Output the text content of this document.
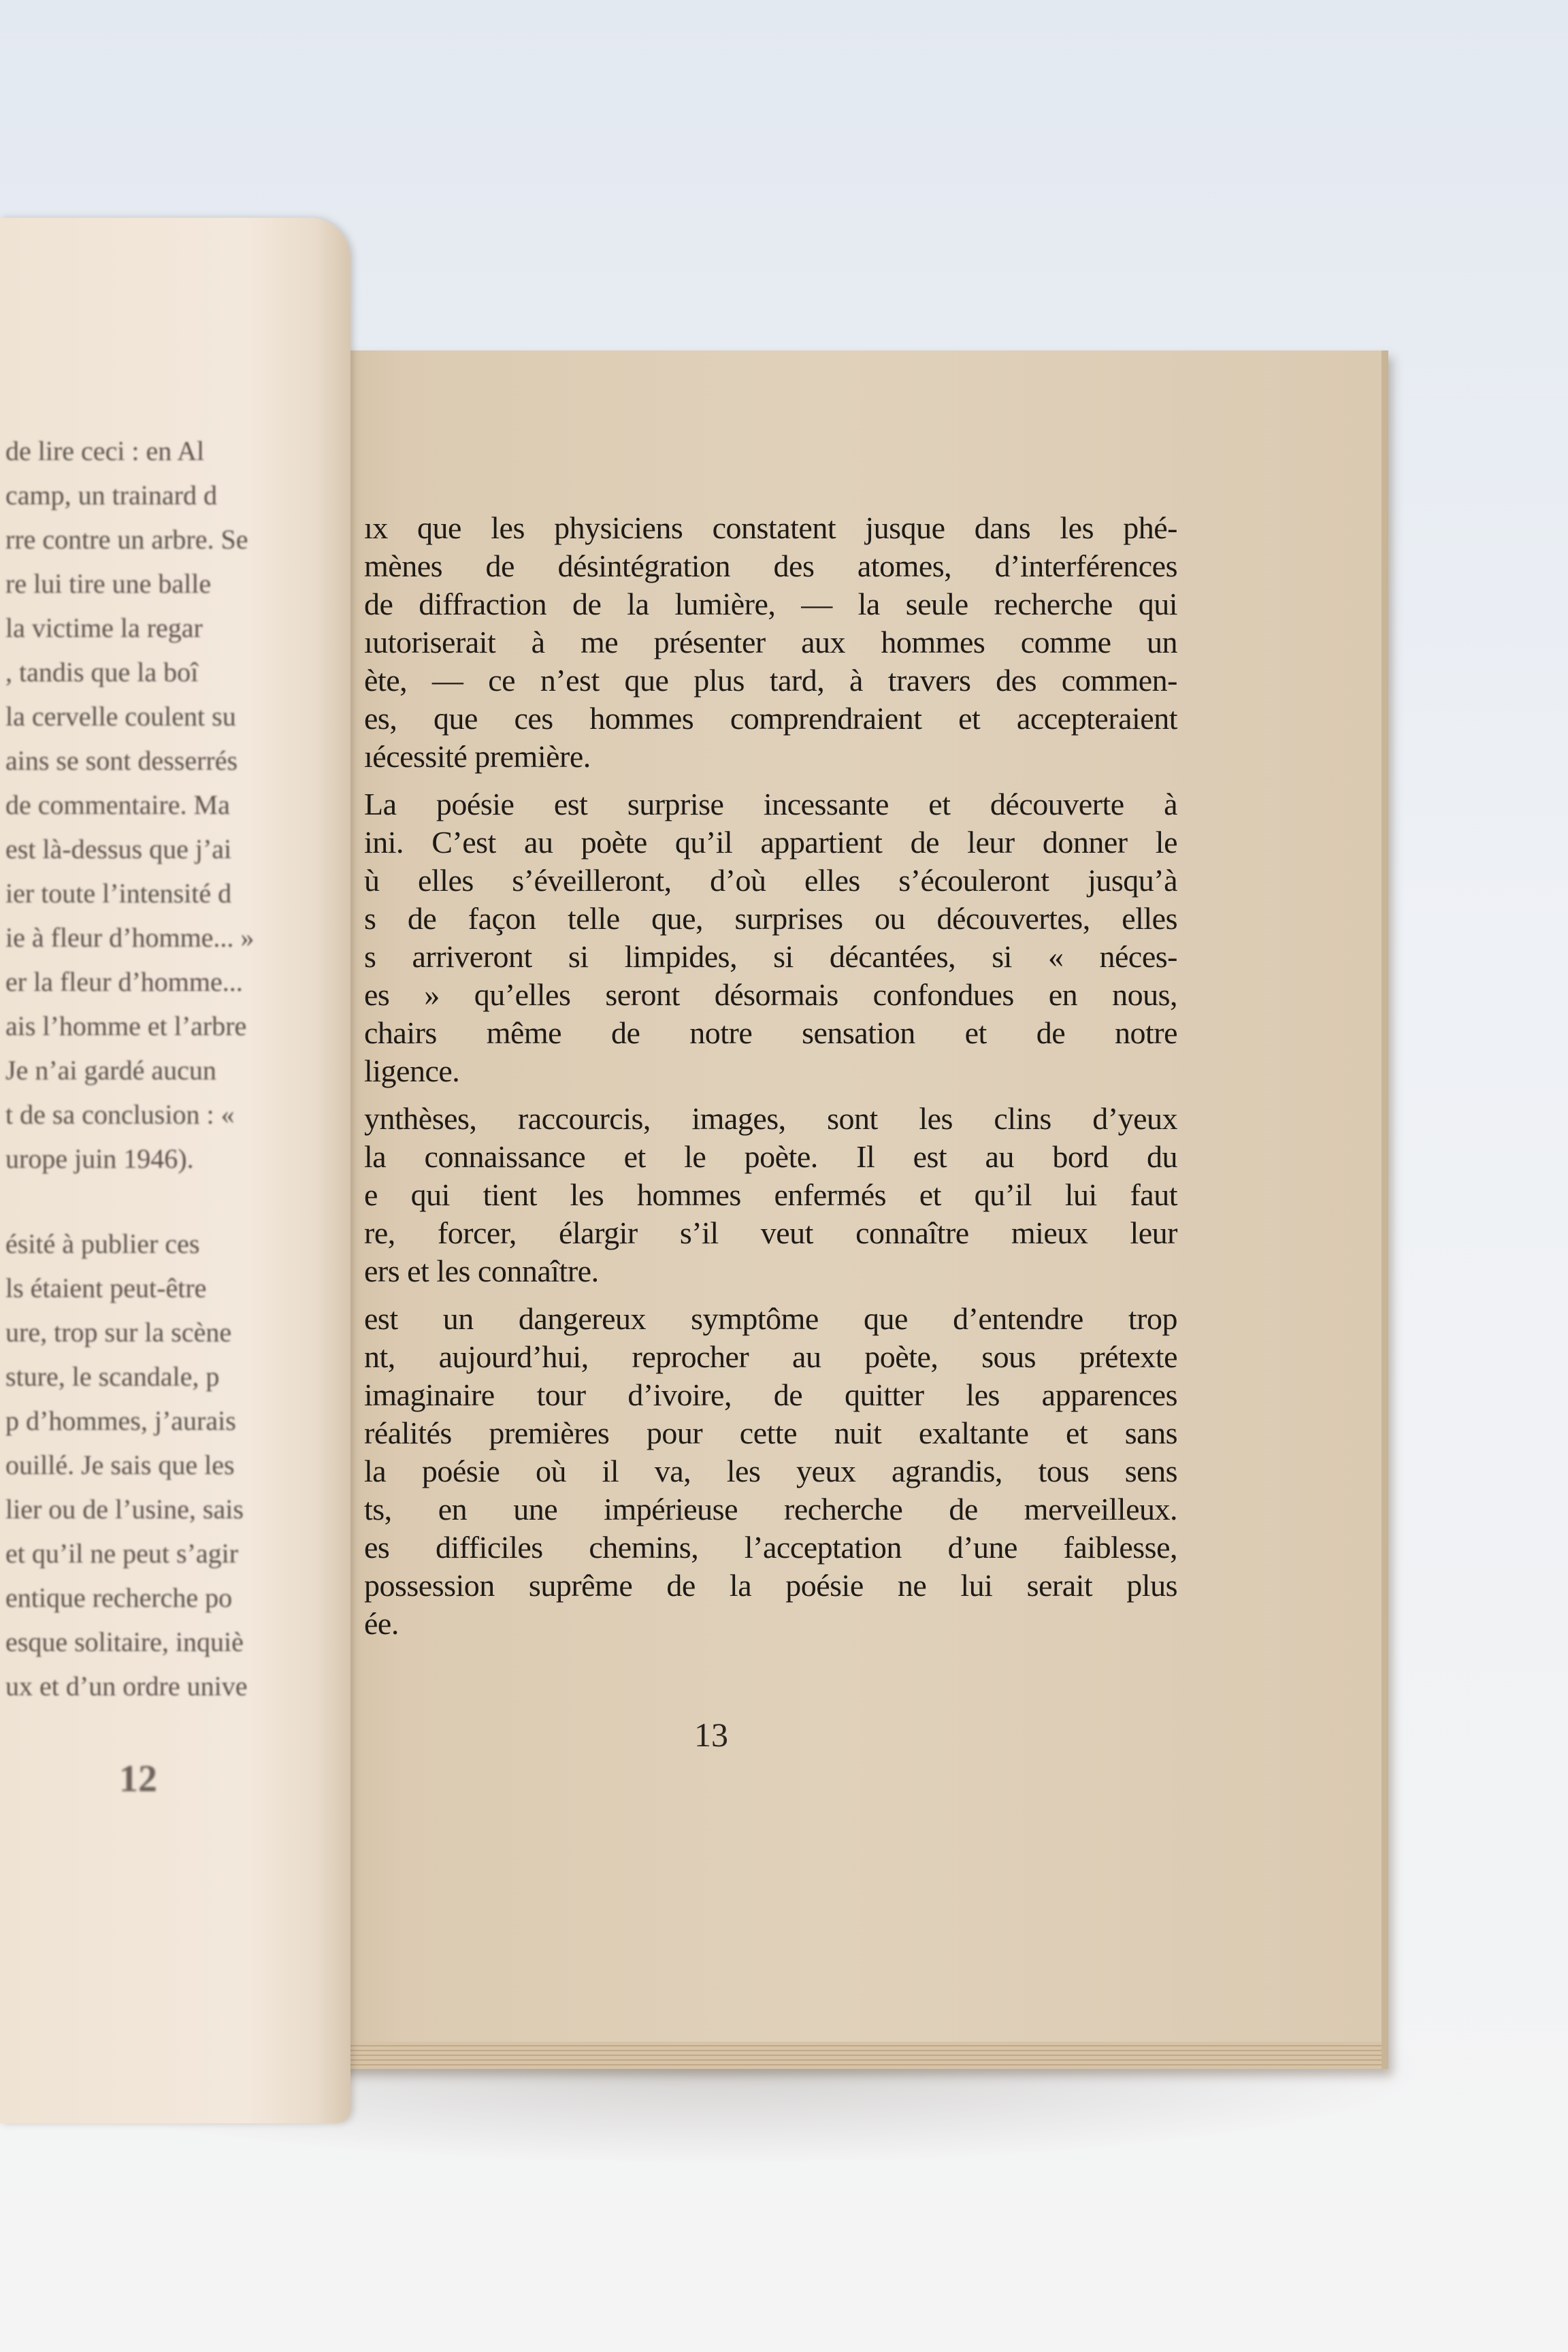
ıx que les physiciens constatent jusque dans les phé-
mènes de désintégration des atomes, d’interférences
de diffraction de la lumière, — la seule recherche qui
ıutoriserait à me présenter aux hommes comme un
ète, — ce n’est que plus tard, à travers des commen-
es, que ces hommes comprendraient et accepteraient
ıécessité première.
La poésie est surprise incessante et découverte à
ini. C’est au poète qu’il appartient de leur donner le
ù elles s’éveilleront, d’où elles s’écouleront jusqu’à
s de façon telle que, surprises ou découvertes, elles
s arriveront si limpides, si décantées, si « néces-
es » qu’elles seront désormais confondues en nous,
chairs même de notre sensation et de notre
ligence.
ynthèses, raccourcis, images, sont les clins d’yeux
la connaissance et le poète. Il est au bord du
e qui tient les hommes enfermés et qu’il lui faut
re, forcer, élargir s’il veut connaître mieux leur
ers et les connaître.
est un dangereux symptôme que d’entendre trop
nt, aujourd’hui, reprocher au poète, sous prétexte
imaginaire tour d’ivoire, de quitter les apparences
réalités premières pour cette nuit exaltante et sans
la poésie où il va, les yeux agrandis, tous sens
ts, en une impérieuse recherche de merveilleux.
es difficiles chemins, l’acceptation d’une faiblesse,
possession suprême de la poésie ne lui serait plus
ée.
13
de lire ceci : en Al
camp, un trainard d
rre contre un arbre. Se
re lui tire une balle
la victime la regar
, tandis que la boî
la cervelle coulent su
ains se sont desserrés
de commentaire. Ma
est là-dessus que j’ai
ier toute l’intensité d
ie à fleur d’homme... »
er la fleur d’homme...
ais l’homme et l’arbre
Je n’ai gardé aucun
t de sa conclusion : «
urope juin 1946).
ésité à publier ces
ls étaient peut-être
ure, trop sur la scène
sture, le scandale, p
p d’hommes, j’aurais
ouillé. Je sais que les
lier ou de l’usine, sais
et qu’il ne peut s’agir
entique recherche po
esque solitaire, inquiè
ux et d’un ordre unive
12
